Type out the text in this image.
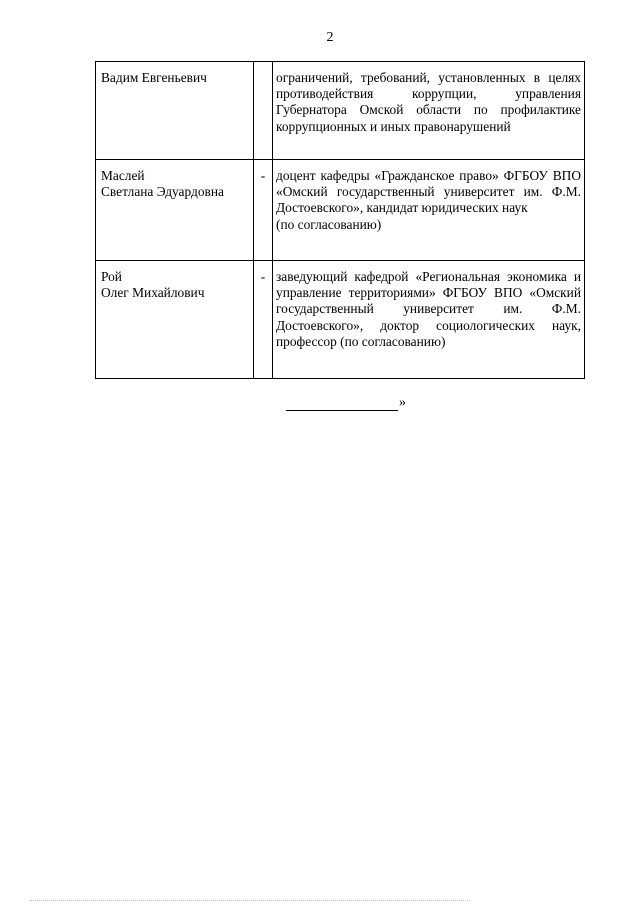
2
Вадим Евгеньевич		ограничений, требований, установленных в целях противодействия коррупции, управления Губернатора Омской области по профилактике коррупционных и иных правонарушений

Маслей
Светлана Эдуардовна	-	доцент кафедры «Гражданское право» ФГБОУ ВПО «Омский государственный университет им. Ф.М. Достоевского», кандидат юридических наук
(по согласованию)

Рой
Олег Михайлович	-	заведующий кафедрой «Региональная экономика и управление территориями» ФГБОУ ВПО «Омский государственный университет им. Ф.М. Достоевского», доктор социологических наук, профессор (по согласованию)
»
